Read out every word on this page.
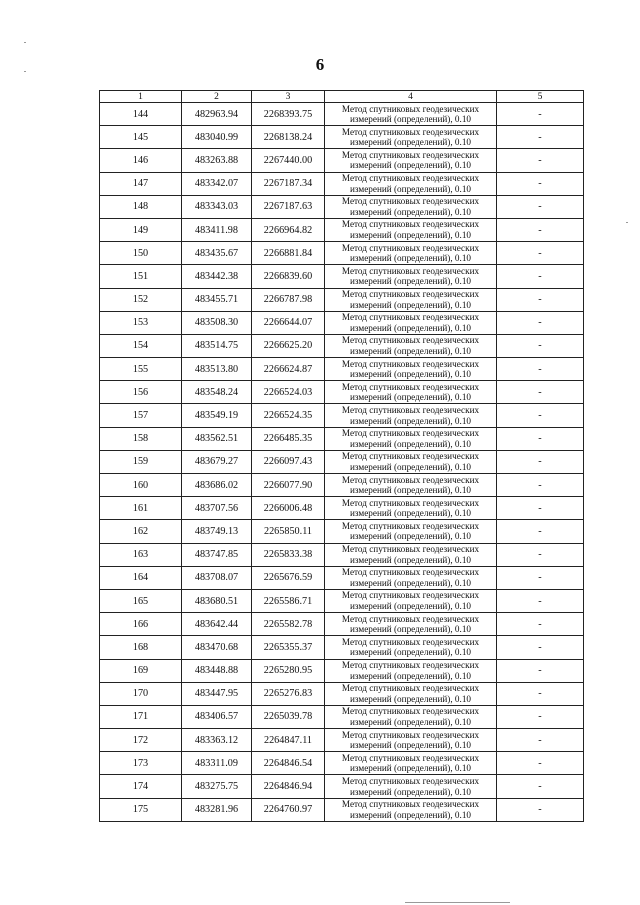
6
1	2	3	4	5
144	482963.94	2268393.75	Метод спутниковых геодезических
измерений (определений), 0.10	-
145	483040.99	2268138.24	Метод спутниковых геодезических
измерений (определений), 0.10	-
146	483263.88	2267440.00	Метод спутниковых геодезических
измерений (определений), 0.10	-
147	483342.07	2267187.34	Метод спутниковых геодезических
измерений (определений), 0.10	-
148	483343.03	2267187.63	Метод спутниковых геодезических
измерений (определений), 0.10	-
149	483411.98	2266964.82	Метод спутниковых геодезических
измерений (определений), 0.10	-
150	483435.67	2266881.84	Метод спутниковых геодезических
измерений (определений), 0.10	-
151	483442.38	2266839.60	Метод спутниковых геодезических
измерений (определений), 0.10	-
152	483455.71	2266787.98	Метод спутниковых геодезических
измерений (определений), 0.10	-
153	483508.30	2266644.07	Метод спутниковых геодезических
измерений (определений), 0.10	-
154	483514.75	2266625.20	Метод спутниковых геодезических
измерений (определений), 0.10	-
155	483513.80	2266624.87	Метод спутниковых геодезических
измерений (определений), 0.10	-
156	483548.24	2266524.03	Метод спутниковых геодезических
измерений (определений), 0.10	-
157	483549.19	2266524.35	Метод спутниковых геодезических
измерений (определений), 0.10	-
158	483562.51	2266485.35	Метод спутниковых геодезических
измерений (определений), 0.10	-
159	483679.27	2266097.43	Метод спутниковых геодезических
измерений (определений), 0.10	-
160	483686.02	2266077.90	Метод спутниковых геодезических
измерений (определений), 0.10	-
161	483707.56	2266006.48	Метод спутниковых геодезических
измерений (определений), 0.10	-
162	483749.13	2265850.11	Метод спутниковых геодезических
измерений (определений), 0.10	-
163	483747.85	2265833.38	Метод спутниковых геодезических
измерений (определений), 0.10	-
164	483708.07	2265676.59	Метод спутниковых геодезических
измерений (определений), 0.10	-
165	483680.51	2265586.71	Метод спутниковых геодезических
измерений (определений), 0.10	-
166	483642.44	2265582.78	Метод спутниковых геодезических
измерений (определений), 0.10	-
168	483470.68	2265355.37	Метод спутниковых геодезических
измерений (определений), 0.10	-
169	483448.88	2265280.95	Метод спутниковых геодезических
измерений (определений), 0.10	-
170	483447.95	2265276.83	Метод спутниковых геодезических
измерений (определений), 0.10	-
171	483406.57	2265039.78	Метод спутниковых геодезических
измерений (определений), 0.10	-
172	483363.12	2264847.11	Метод спутниковых геодезических
измерений (определений), 0.10	-
173	483311.09	2264846.54	Метод спутниковых геодезических
измерений (определений), 0.10	-
174	483275.75	2264846.94	Метод спутниковых геодезических
измерений (определений), 0.10	-
175	483281.96	2264760.97	Метод спутниковых геодезических
измерений (определений), 0.10	-
